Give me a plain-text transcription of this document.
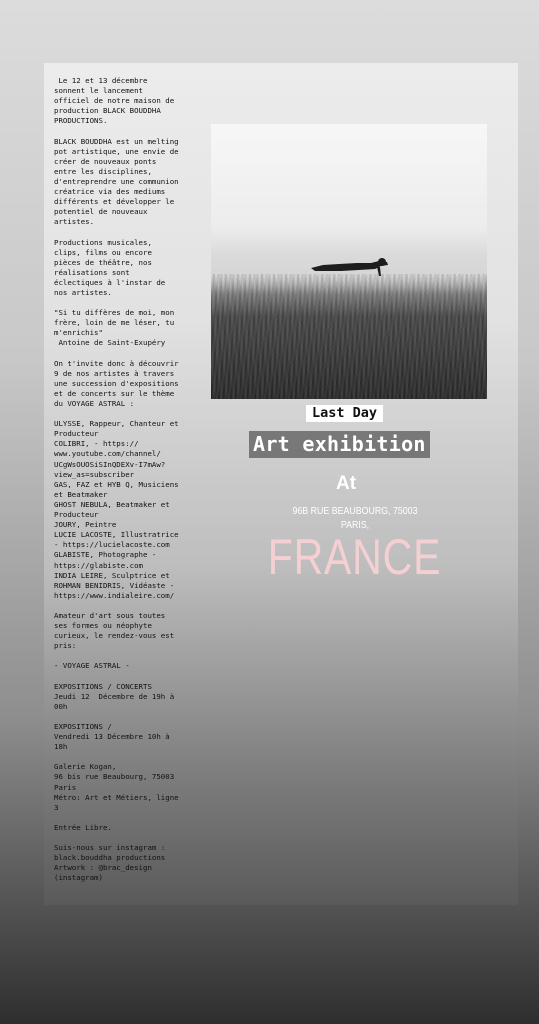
Le 12 et 13 décembre
sonnent le lancement
officiel de notre maison de
production BLACK BOUDDHA
PRODUCTIONS.

BLACK BOUDDHA est un melting
pot artistique, une envie de
créer de nouveaux ponts
entre les disciplines,
d'entreprendre une communion
créatrice via des mediums
différents et développer le
potentiel de nouveaux
artistes.

Productions musicales,
clips, films ou encore
pièces de théâtre, nos
réalisations sont
éclectiques à l'instar de
nos artistes.

"Si tu diffères de moi, mon
frère, loin de me léser, tu
m'enrichis"
Antoine de Saint-Exupéry

On t'invite donc à découvrir
9 de nos artistes à travers
une succession d'expositions
et de concerts sur le thème
du VOYAGE ASTRAL :

ULYSSE, Rappeur, Chanteur et
Producteur
COLIBRI, - https://
www.youtube.com/channel/
UCgWsOUOSiSInQDEXv-I7mAw?
view_as=subscriber
GAS, FAZ et HYB Q, Musiciens
et Beatmaker
GHOST NEBULA, Beatmaker et
Producteur
JOURY, Peintre
LUCIE LACOSTE, Illustratrice
- https://lucielacoste.com
GLABISTE, Photographe -
https://glabiste.com
INDIA LEIRE, Sculptrice et
ROHMAN BENIDRIS, Vidéaste -
https://www.indialeire.com/

Amateur d'art sous toutes
ses formes ou néophyte
curieux, le rendez-vous est
pris:

- VOYAGE ASTRAL -

EXPOSITIONS / CONCERTS
Jeudi 12  Décembre de 19h à
00h

EXPOSITIONS /
Vendredi 13 Décembre 10h à
18h

Galerie Kogan,
96 bis rue Beaubourg, 75003
Paris
Métro: Art et Métiers, ligne
3

Entrée Libre.

Suis-nous sur instagram :
black.bouddha productions
Artwork : @brac_design
(instagram)
Last Day
Art exhibition
At
96B RUE BEAUBOURG, 75003 PARIS,
FRANCE
